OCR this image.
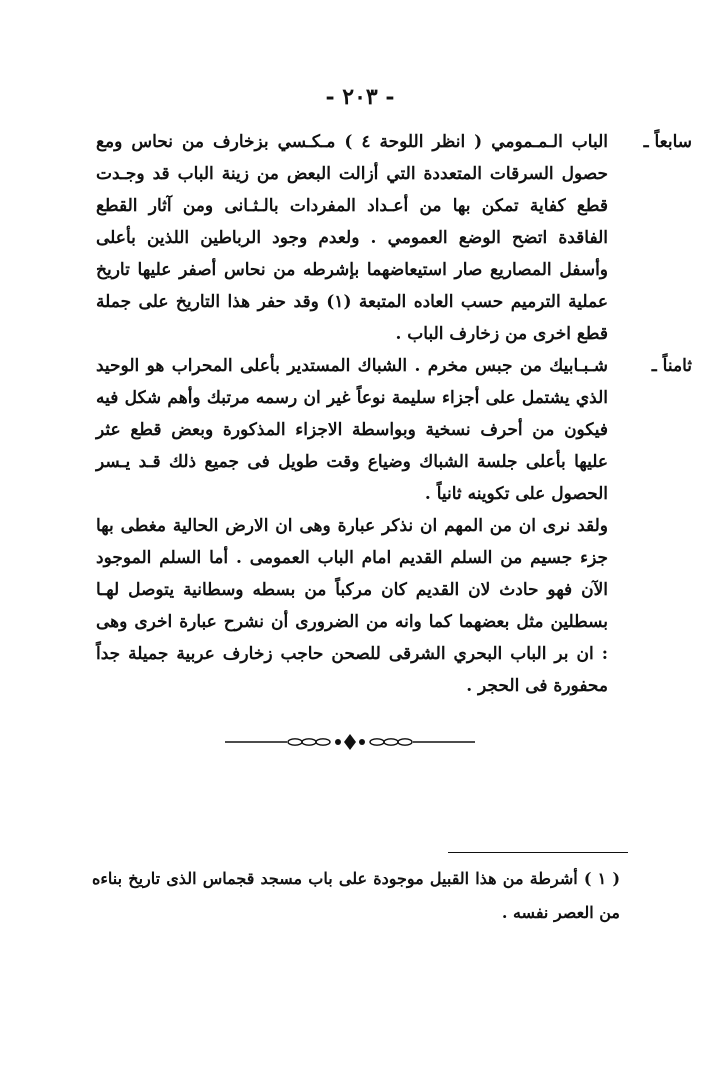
- ٢٠٣ -

سابعاً ـ
الباب الـمـمومي ( انظر اللوحة ٤ ) مـكـسي بزخارف من نحاس ومع حصول السرقات المتعددة التي أزالت البعض من زينة الباب قد وجـدت قطع كفاية تمكن بها من أعـداد المفردات بالـثـانى ومن آثار القطع الفاقدة اتضح الوضع العمومي . ولعدم وجود الرباطين اللذين بأعلى وأسفل المصاريع صار استيعاضهما بإشرطه من نحاس أصفر عليها تاريخ عملية الترميم حسب العاده المتبعة (١) وقد حفر هذا التاريخ على جملة قطع اخرى من زخارف الباب .

ثامناً ـ
شـبـابيك من جبس مخرم . الشباك المستدير بأعلى المحراب هو الوحيد الذي يشتمل على أجزاء سليمة نوعاً غير ان رسمه مرتبك وأهم شكل فيه فيكون من أحرف نسخية وبواسطة الاجزاء المذكورة وبعض قطع عثر عليها بأعلى جلسة الشباك وضياع وقت طويل فى جميع ذلك قـد يـسر الحصول على تكوينه ثانياً .

ولقد نرى ان من المهم ان نذكر عبارة وهى ان الارض الحالية مغطى بها جزء جسيم من السلم القديم امام الباب العمومى . أما السلم الموجود الآن فهو حادث لان القديم كان مركباً من بسطه وسطانية يتوصل لهـا بسطلين مثل بعضهما كما وانه من الضرورى أن نشرح عبارة اخرى وهى : ان بر الباب البحري الشرقى للصحن حاجب زخارف عربية جميلة جداً محفورة فى الحجر .

( ١ ) أشرطة من هذا القبيل موجودة على باب مسجد قجماس الذى تاريخ بناءه من العصر نفسه .
